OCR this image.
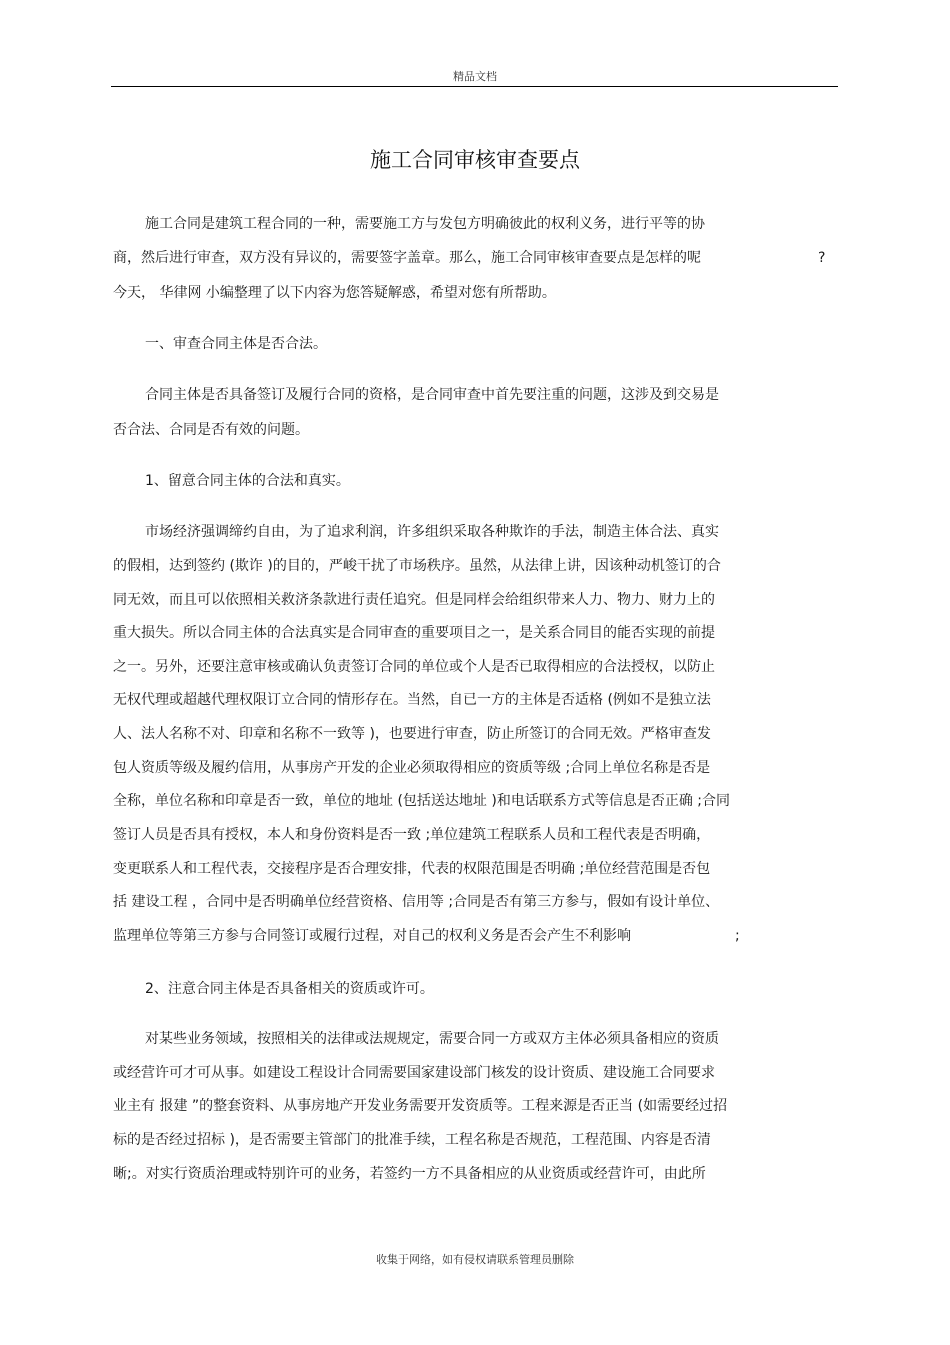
精品文档
施工合同审核审查要点
施工合同是建筑工程合同的一种，需要施工方与发包方明确彼此的权利义务，进行平等的协
商，然后进行审查，双方没有异议的，需要签字盖章。那么，施工合同审核审查要点是怎样的呢	?
今天， 华律网 小编整理了以下内容为您答疑解惑，希望对您有所帮助。
一、审查合同主体是否合法。
合同主体是否具备签订及履行合同的资格，是合同审查中首先要注重的问题，这涉及到交易是
否合法、合同是否有效的问题。
1、留意合同主体的合法和真实。
市场经济强调缔约自由，为了追求利润，许多组织采取各种欺诈的手法，制造主体合法、真实
的假相，达到签约 (欺诈 )的目的，严峻干扰了市场秩序。虽然，从法律上讲，因该种动机签订的合
同无效，而且可以依照相关救济条款进行责任追究。但是同样会给组织带来人力、物力、财力上的
重大损失。所以合同主体的合法真实是合同审查的重要项目之一，是关系合同目的能否实现的前提
之一。另外，还要注意审核或确认负责签订合同的单位或个人是否已取得相应的合法授权，以防止
无权代理或超越代理权限订立合同的情形存在。当然，自已一方的主体是否适格 (例如不是独立法
人、法人名称不对、印章和名称不一致等 )，也要进行审查，防止所签订的合同无效。严格审查发
包人资质等级及履约信用，从事房产开发的企业必须取得相应的资质等级 ;合同上单位名称是否是
全称，单位名称和印章是否一致，单位的地址 (包括送达地址 )和电话联系方式等信息是否正确 ;合同
签订人员是否具有授权，本人和身份资料是否一致 ;单位建筑工程联系人员和工程代表是否明确，
变更联系人和工程代表，交接程序是否合理安排，代表的权限范围是否明确 ;单位经营范围是否包
括 建设工程 ，合同中是否明确单位经营资格、信用等 ;合同是否有第三方参与，假如有设计单位、
监理单位等第三方参与合同签订或履行过程，对自己的权利义务是否会产生不利影响	;
2、注意合同主体是否具备相关的资质或许可。
对某些业务领域，按照相关的法律或法规规定，需要合同一方或双方主体必须具备相应的资质
或经营许可才可从事。如建设工程设计合同需要国家建设部门核发的设计资质、建设施工合同要求
业主有 报建 ”的整套资料、从事房地产开发业务需要开发资质等。工程来源是否正当 (如需要经过招
标的是否经过招标 )，是否需要主管部门的批准手续，工程名称是否规范，工程范围、内容是否清
晰;。对实行资质治理或特别许可的业务，若签约一方不具备相应的从业资质或经营许可，由此所
收集于网络，如有侵权请联系管理员删除
